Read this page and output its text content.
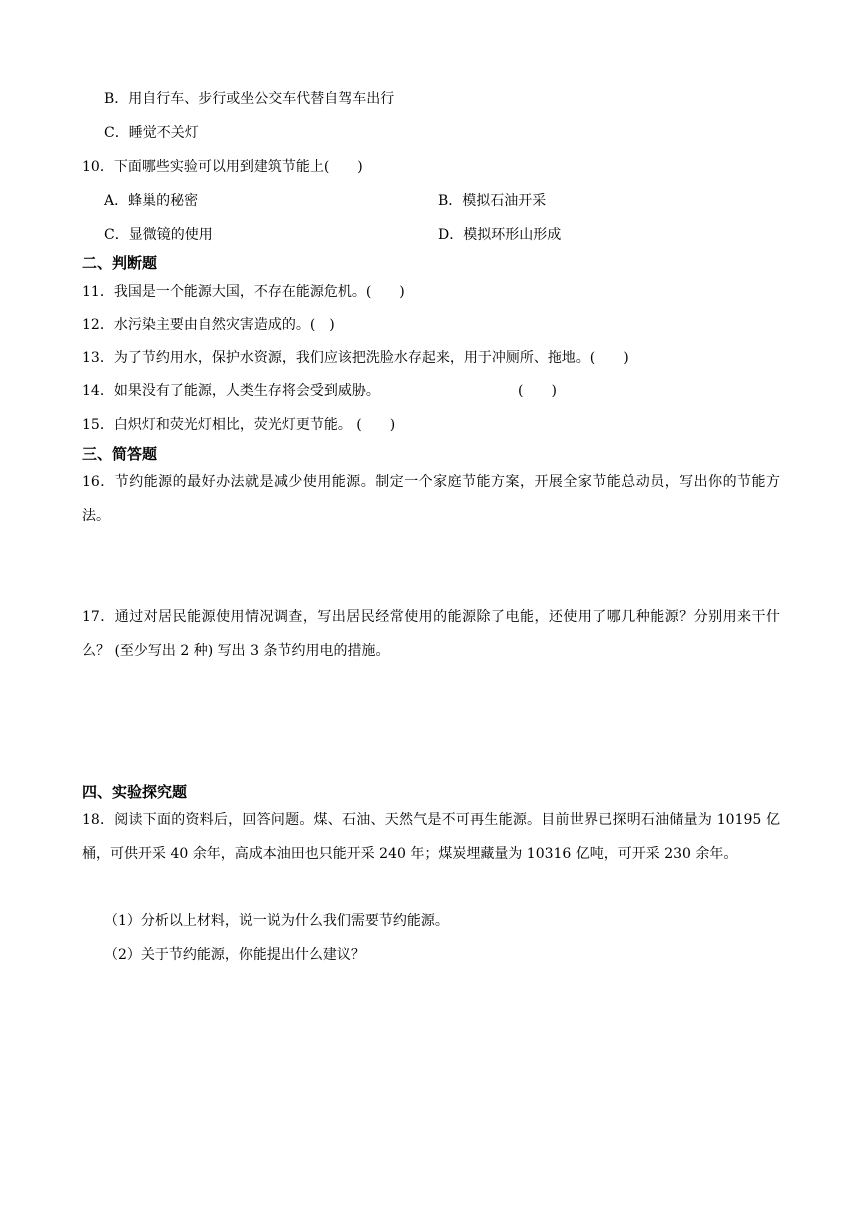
B．用自行车、步行或坐公交车代替自驾车出行
C．睡觉不关灯
10．下面哪些实验可以用到建筑节能上(　　)
A．蜂巢的秘密	B．模拟石油开采
C．显微镜的使用	D．模拟环形山形成
二、判断题
11．我国是一个能源大国，不存在能源危机。(　　)
12．水污染主要由自然灾害造成的。(　)
13．为了节约用水，保护水资源，我们应该把洗脸水存起来，用于冲厕所、拖地。(　　)
14．如果没有了能源，人类生存将会受到威胁。	(　　)
15．白炽灯和荧光灯相比，荧光灯更节能。 (　　)
三、简答题
16．节约能源的最好办法就是减少使用能源。制定一个家庭节能方案，开展全家节能总动员，写出你的节能方法。
17．通过对居民能源使用情况调查，写出居民经常使用的能源除了电能，还使用了哪几种能源？分别用来干什么？ (至少写出 2 种) 写出 3 条节约用电的措施。
四、实验探究题
18．阅读下面的资料后，回答问题。煤、石油、天然气是不可再生能源。目前世界已探明石油储量为 10195 亿桶，可供开采 40 余年，高成本油田也只能开采 240 年；煤炭埋藏量为 10316 亿吨，可开采 230 余年。
（1）分析以上材料，说一说为什么我们需要节约能源。
（2）关于节约能源，你能提出什么建议？
